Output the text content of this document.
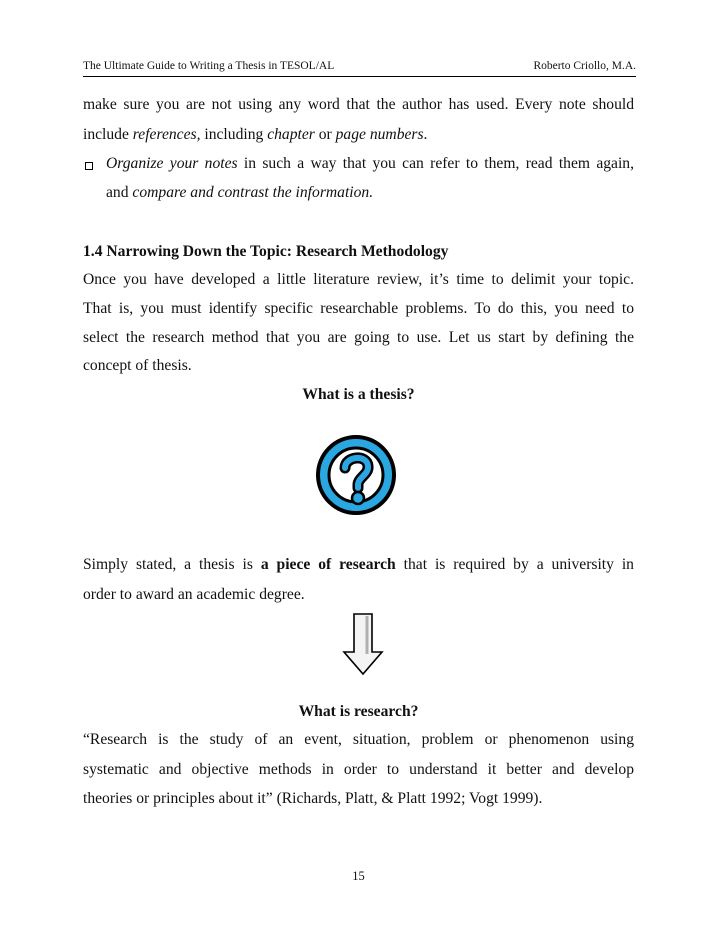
The Ultimate Guide to Writing a Thesis in TESOL/AL	Roberto Criollo, M.A.
make sure you are not using any word that the author has used. Every note should
include references, including chapter or page numbers.
Organize your notes in such a way that you can refer to them, read them again,
and compare and contrast the information.
1.4 Narrowing Down the Topic: Research Methodology
Once you have developed a little literature review, it’s time to delimit your topic.
That is, you must identify specific researchable problems. To do this, you need to
select the research method that you are going to use. Let us start by defining the
concept of thesis.
What is a thesis?
Simply stated, a thesis is a piece of research that is required by a university in
order to award an academic degree.
What is research?
“Research is the study of an event, situation, problem or phenomenon using
systematic and objective methods in order to understand it better and develop
theories or principles about it” (Richards, Platt, & Platt 1992; Vogt 1999).
15
